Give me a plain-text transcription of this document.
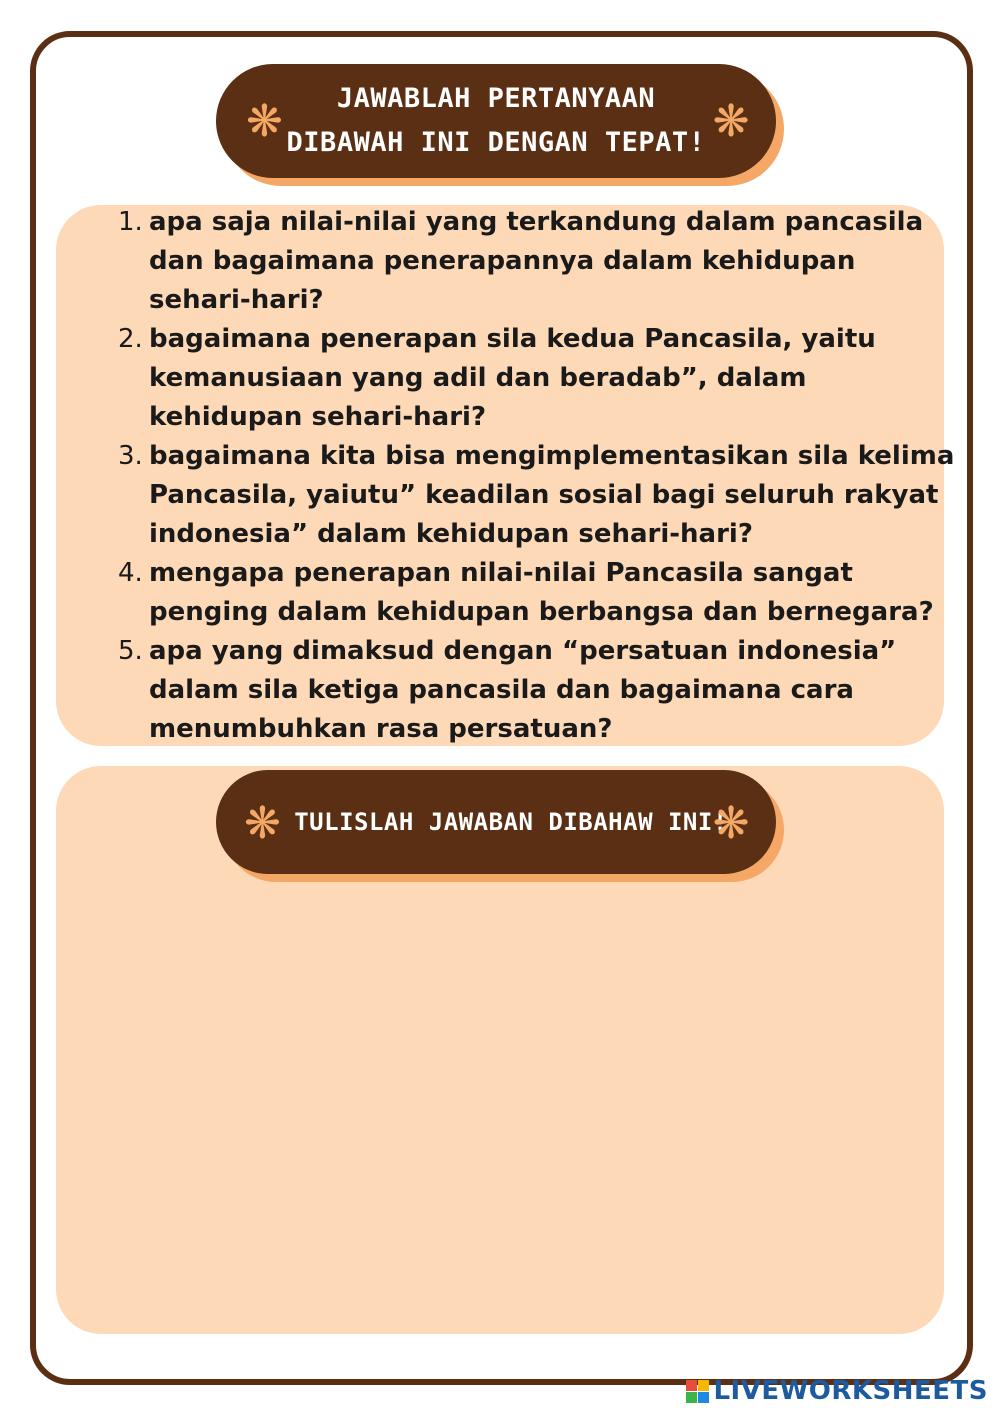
JAWABLAH PERTANYAAN DIBAWAH INI DENGAN TEPAT!
❋	❋
1. apa saja nilai-nilai yang terkandung dalam pancasila dan bagaimana penerapannya dalam kehidupan sehari-hari?
2. bagaimana penerapan sila kedua Pancasila, yaitu kemanusiaan yang adil dan beradab”, dalam kehidupan sehari-hari?
3. bagaimana kita bisa mengimplementasikan sila kelima Pancasila, yaiutu” keadilan sosial bagi seluruh rakyat indonesia” dalam kehidupan sehari-hari?
4. mengapa penerapan nilai-nilai Pancasila sangat penging dalam kehidupan berbangsa dan bernegara?
5. apa yang dimaksud dengan “persatuan indonesia” dalam sila ketiga pancasila dan bagaimana cara menumbuhkan rasa persatuan?
TULISLAH JAWABAN DIBAHAW INI!
❋	❋
LIVEWORKSHEETS
